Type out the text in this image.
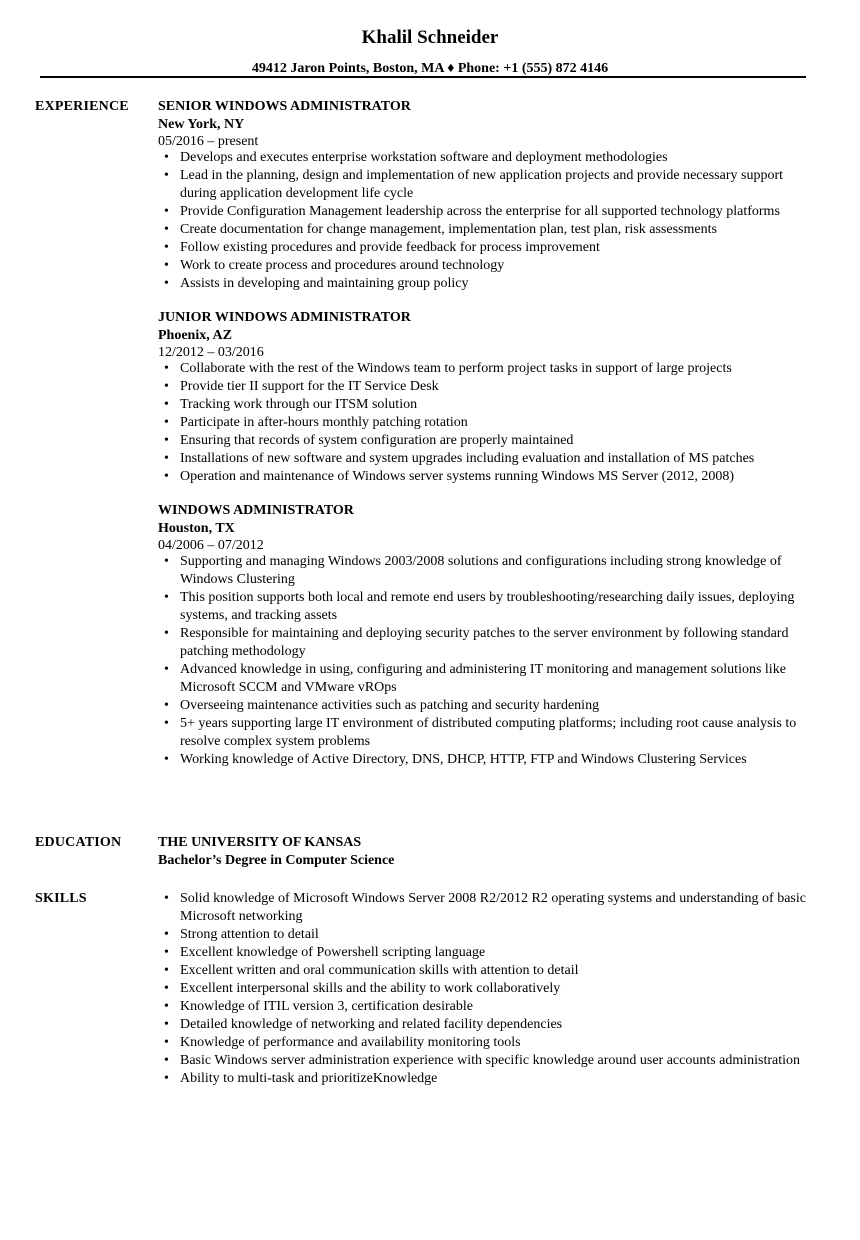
Khalil Schneider
49412 Jaron Points, Boston, MA ♦ Phone: +1 (555) 872 4146
EXPERIENCE SENIOR WINDOWS ADMINISTRATOR
New York, NY
05/2016 – present
• Develops and executes enterprise workstation software and deployment methodologies
• Lead in the planning, design and implementation of new application projects and provide necessary support during application development life cycle
• Provide Configuration Management leadership across the enterprise for all supported technology platforms
• Create documentation for change management, implementation plan, test plan, risk assessments
• Follow existing procedures and provide feedback for process improvement
• Work to create process and procedures around technology
• Assists in developing and maintaining group policy
JUNIOR WINDOWS ADMINISTRATOR
Phoenix, AZ
12/2012 – 03/2016
• Collaborate with the rest of the Windows team to perform project tasks in support of large projects
• Provide tier II support for the IT Service Desk
• Tracking work through our ITSM solution
• Participate in after-hours monthly patching rotation
• Ensuring that records of system configuration are properly maintained
• Installations of new software and system upgrades including evaluation and installation of MS patches
• Operation and maintenance of Windows server systems running Windows MS Server (2012, 2008)
WINDOWS ADMINISTRATOR
Houston, TX
04/2006 – 07/2012
• Supporting and managing Windows 2003/2008 solutions and configurations including strong knowledge of Windows Clustering
• This position supports both local and remote end users by troubleshooting/researching daily issues, deploying systems, and tracking assets
• Responsible for maintaining and deploying security patches to the server environment by following standard patching methodology
• Advanced knowledge in using, configuring and administering IT monitoring and management solutions like Microsoft SCCM and VMware vROps
• Overseeing maintenance activities such as patching and security hardening
• 5+ years supporting large IT environment of distributed computing platforms; including root cause analysis to resolve complex system problems
• Working knowledge of Active Directory, DNS, DHCP, HTTP, FTP and Windows Clustering Services
EDUCATION	THE UNIVERSITY OF KANSAS
Bachelor’s Degree in Computer Science
SKILLS
•	Solid knowledge of Microsoft Windows Server 2008 R2/2012 R2 operating systems and understanding of basic Microsoft networking
• Strong attention to detail
• Excellent knowledge of Powershell scripting language
• Excellent written and oral communication skills with attention to detail
• Excellent interpersonal skills and the ability to work collaboratively
• Knowledge of ITIL version 3, certification desirable
• Detailed knowledge of networking and related facility dependencies
• Knowledge of performance and availability monitoring tools
• Basic Windows server administration experience with specific knowledge around user accounts administration
• Ability to multi-task and prioritizeKnowledge
